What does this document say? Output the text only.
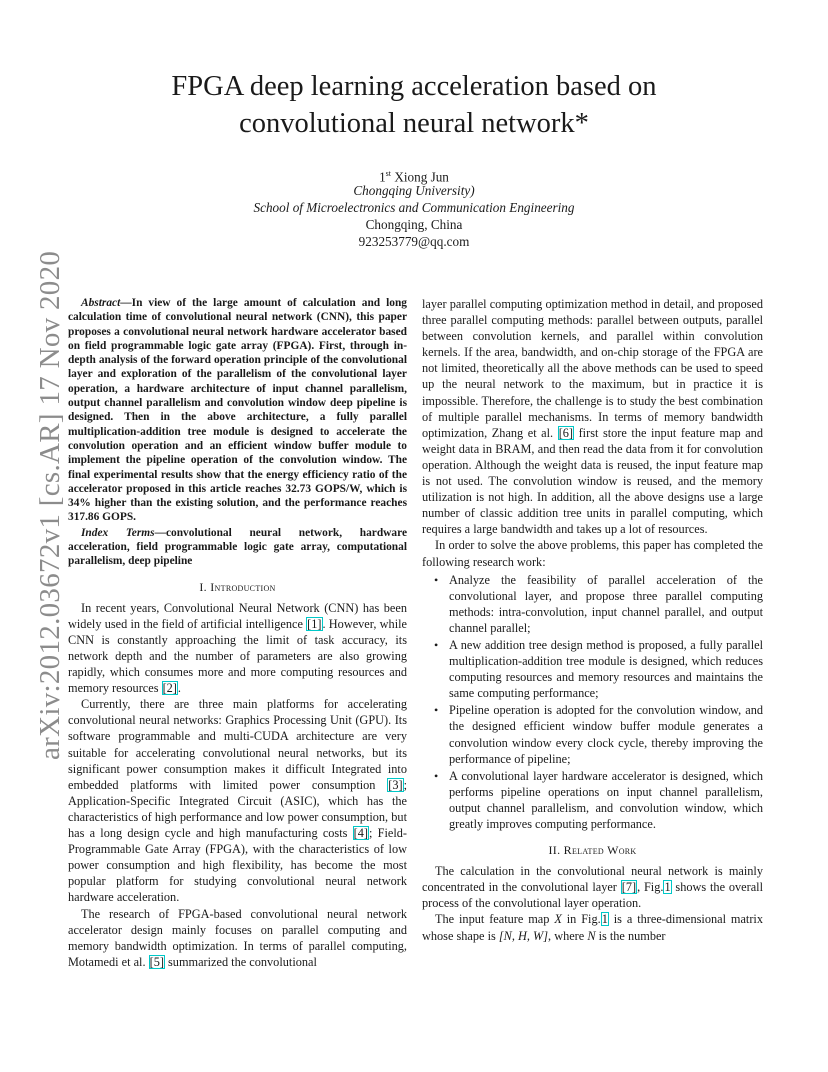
arXiv:2012.03672v1 [cs.AR] 17 Nov 2020
FPGA deep learning acceleration based on
convolutional neural network*
1st Xiong Jun
Chongqing University)
School of Microelectronics and Communication Engineering
Chongqing, China
923253779@qq.com

Abstract—In view of the large amount of calculation and long calculation time of convolutional neural network (CNN), this paper proposes a convolutional neural network hardware accelerator based on field programmable logic gate array (FPGA). First, through in-depth analysis of the forward operation principle of the convolutional layer and exploration of the parallelism of the convolutional layer operation, a hardware architecture of input channel parallelism, output channel parallelism and convolution window deep pipeline is designed. Then in the above architecture, a fully parallel multiplication-addition tree module is designed to accelerate the convolution operation and an efficient window buffer module to implement the pipeline operation of the convolution window. The final experimental results show that the energy efficiency ratio of the accelerator proposed in this article reaches 32.73 GOPS/W, which is 34% higher than the existing solution, and the performance reaches 317.86 GOPS.

Index Terms—convolutional neural network, hardware acceleration, field programmable logic gate array, computational parallelism, deep pipeline

I. Introduction

In recent years, Convolutional Neural Network (CNN) has been widely used in the field of artificial intelligence [1]. However, while CNN is constantly approaching the limit of task accuracy, its network depth and the number of parameters are also growing rapidly, which consumes more and more computing resources and memory resources [2].

Currently, there are three main platforms for accelerating convolutional neural networks: Graphics Processing Unit (GPU). Its software programmable and multi-CUDA architecture are very suitable for accelerating convolutional neural networks, but its significant power consumption makes it difficult Integrated into embedded platforms with limited power consumption [3]; Application-Specific Integrated Circuit (ASIC), which has the characteristics of high performance and low power consumption, but has a long design cycle and high manufacturing costs [4]; Field-Programmable Gate Array (FPGA), with the characteristics of low power consumption and high flexibility, has become the most popular platform for studying convolutional neural network hardware acceleration.

The research of FPGA-based convolutional neural network accelerator design mainly focuses on parallel computing and memory bandwidth optimization. In terms of parallel computing, Motamedi et al. [5] summarized the convolutional

layer parallel computing optimization method in detail, and proposed three parallel computing methods: parallel between outputs, parallel between convolution kernels, and parallel within convolution kernels. If the area, bandwidth, and on-chip storage of the FPGA are not limited, theoretically all the above methods can be used to speed up the neural network to the maximum, but in practice it is impossible. Therefore, the challenge is to study the best combination of multiple parallel mechanisms. In terms of memory bandwidth optimization, Zhang et al. [6] first store the input feature map and weight data in BRAM, and then read the data from it for convolution operation. Although the weight data is reused, the input feature map is not used. The convolution window is reused, and the memory utilization is not high. In addition, all the above designs use a large number of classic addition tree units in parallel computing, which requires a large bandwidth and takes up a lot of resources.

In order to solve the above problems, this paper has completed the following research work:

• Analyze the feasibility of parallel acceleration of the convolutional layer, and propose three parallel computing methods: intra-convolution, input channel parallel, and output channel parallel;
• A new addition tree design method is proposed, a fully parallel multiplication-addition tree module is designed, which reduces computing resources and memory resources and maintains the same computing performance;
• Pipeline operation is adopted for the convolution window, and the designed efficient window buffer module generates a convolution window every clock cycle, thereby improving the performance of pipeline;
• A convolutional layer hardware accelerator is designed, which performs pipeline operations on input channel parallelism, output channel parallelism, and convolution window, which greatly improves computing performance.

II. Related Work

The calculation in the convolutional neural network is mainly concentrated in the convolutional layer [7], Fig.1 shows the overall process of the convolutional layer operation.

The input feature map X in Fig.1 is a three-dimensional matrix whose shape is [N, H, W], where N is the number
